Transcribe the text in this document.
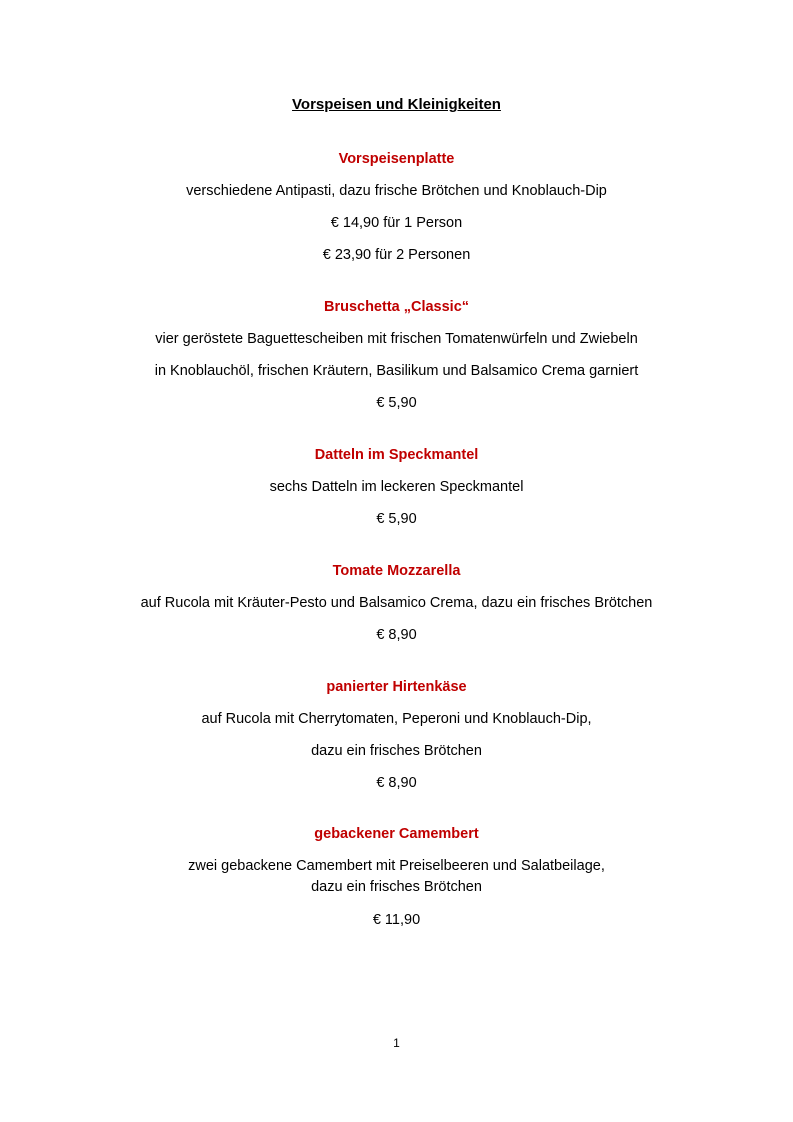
Vorspeisen und Kleinigkeiten
Vorspeisenplatte
verschiedene Antipasti, dazu frische Brötchen und Knoblauch-Dip
€ 14,90 für 1 Person
€ 23,90 für 2 Personen
Bruschetta „Classic“
vier geröstete Baguettescheiben mit frischen Tomatenwürfeln und Zwiebeln
in Knoblauchöl, frischen Kräutern, Basilikum und Balsamico Crema garniert
€ 5,90
Datteln im Speckmantel
sechs Datteln im leckeren Speckmantel
€ 5,90
Tomate Mozzarella
auf Rucola mit Kräuter-Pesto und Balsamico Crema, dazu ein frisches Brötchen
€ 8,90
panierter Hirtenkäse
auf Rucola mit Cherrytomaten, Peperoni und Knoblauch-Dip,
dazu ein frisches Brötchen
€ 8,90
gebackener Camembert
zwei gebackene Camembert mit Preiselbeeren und Salatbeilage,
dazu ein frisches Brötchen
€ 11,90
1
